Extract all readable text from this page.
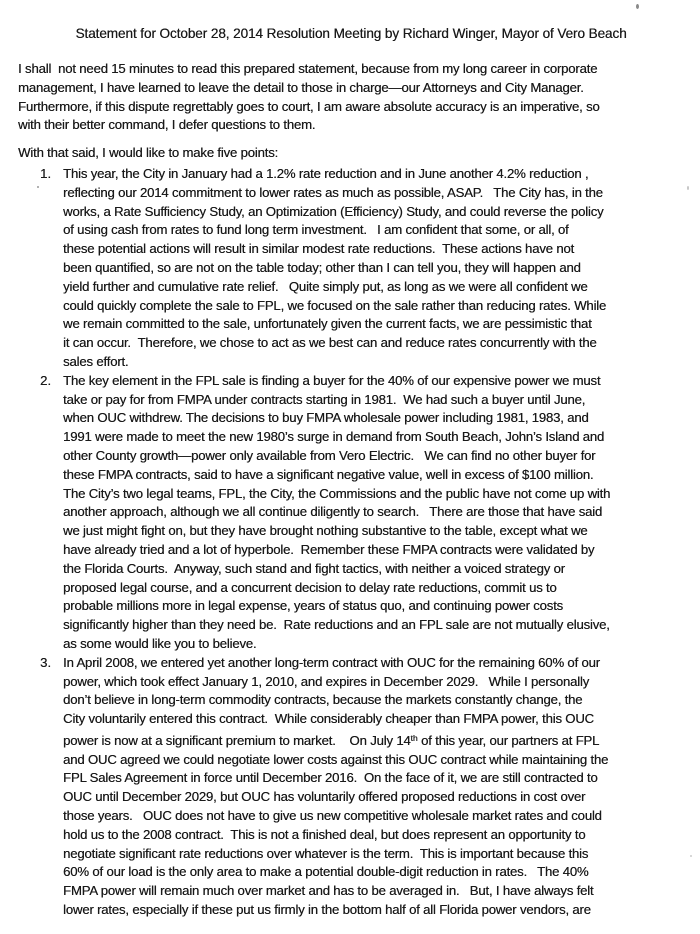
Statement for October 28, 2014 Resolution Meeting by Richard Winger, Mayor of Vero Beach
I shall  not need 15 minutes to read this prepared statement, because from my long career in corporate
management, I have learned to leave the detail to those in charge—our Attorneys and City Manager.
Furthermore, if this dispute regrettably goes to court, I am aware absolute accuracy is an imperative, so
with their better command, I defer questions to them.
With that said, I would like to make five points:
1. This year, the City in January had a 1.2% rate reduction and in June another 4.2% reduction ,
reflecting our 2014 commitment to lower rates as much as possible, ASAP.   The City has, in the
works, a Rate Sufficiency Study, an Optimization (Efficiency) Study, and could reverse the policy
of using cash from rates to fund long term investment.   I am confident that some, or all, of
these potential actions will result in similar modest rate reductions.  These actions have not
been quantified, so are not on the table today; other than I can tell you, they will happen and
yield further and cumulative rate relief.   Quite simply put, as long as we were all confident we
could quickly complete the sale to FPL, we focused on the sale rather than reducing rates. While
we remain committed to the sale, unfortunately given the current facts, we are pessimistic that
it can occur.  Therefore, we chose to act as we best can and reduce rates concurrently with the
sales effort.
2. The key element in the FPL sale is finding a buyer for the 40% of our expensive power we must
take or pay for from FMPA under contracts starting in 1981.  We had such a buyer until June,
when OUC withdrew. The decisions to buy FMPA wholesale power including 1981, 1983, and
1991 were made to meet the new 1980’s surge in demand from South Beach, John’s Island and
other County growth—power only available from Vero Electric.   We can find no other buyer for
these FMPA contracts, said to have a significant negative value, well in excess of $100 million.
The City’s two legal teams, FPL, the City, the Commissions and the public have not come up with
another approach, although we all continue diligently to search.   There are those that have said
we just might fight on, but they have brought nothing substantive to the table, except what we
have already tried and a lot of hyperbole.  Remember these FMPA contracts were validated by
the Florida Courts.  Anyway, such stand and fight tactics, with neither a voiced strategy or
proposed legal course, and a concurrent decision to delay rate reductions, commit us to
probable millions more in legal expense, years of status quo, and continuing power costs
significantly higher than they need be.  Rate reductions and an FPL sale are not mutually elusive,
as some would like you to believe.
3. In April 2008, we entered yet another long-term contract with OUC for the remaining 60% of our
power, which took effect January 1, 2010, and expires in December 2029.   While I personally
don’t believe in long-term commodity contracts, because the markets constantly change, the
City voluntarily entered this contract.  While considerably cheaper than FMPA power, this OUC
power is now at a significant premium to market.    On July 14th of this year, our partners at FPL
and OUC agreed we could negotiate lower costs against this OUC contract while maintaining the
FPL Sales Agreement in force until December 2016.  On the face of it, we are still contracted to
OUC until December 2029, but OUC has voluntarily offered proposed reductions in cost over
those years.   OUC does not have to give us new competitive wholesale market rates and could
hold us to the 2008 contract.  This is not a finished deal, but does represent an opportunity to
negotiate significant rate reductions over whatever is the term.  This is important because this
60% of our load is the only area to make a potential double-digit reduction in rates.   The 40%
FMPA power will remain much over market and has to be averaged in.   But, I have always felt
lower rates, especially if these put us firmly in the bottom half of all Florida power vendors, are
